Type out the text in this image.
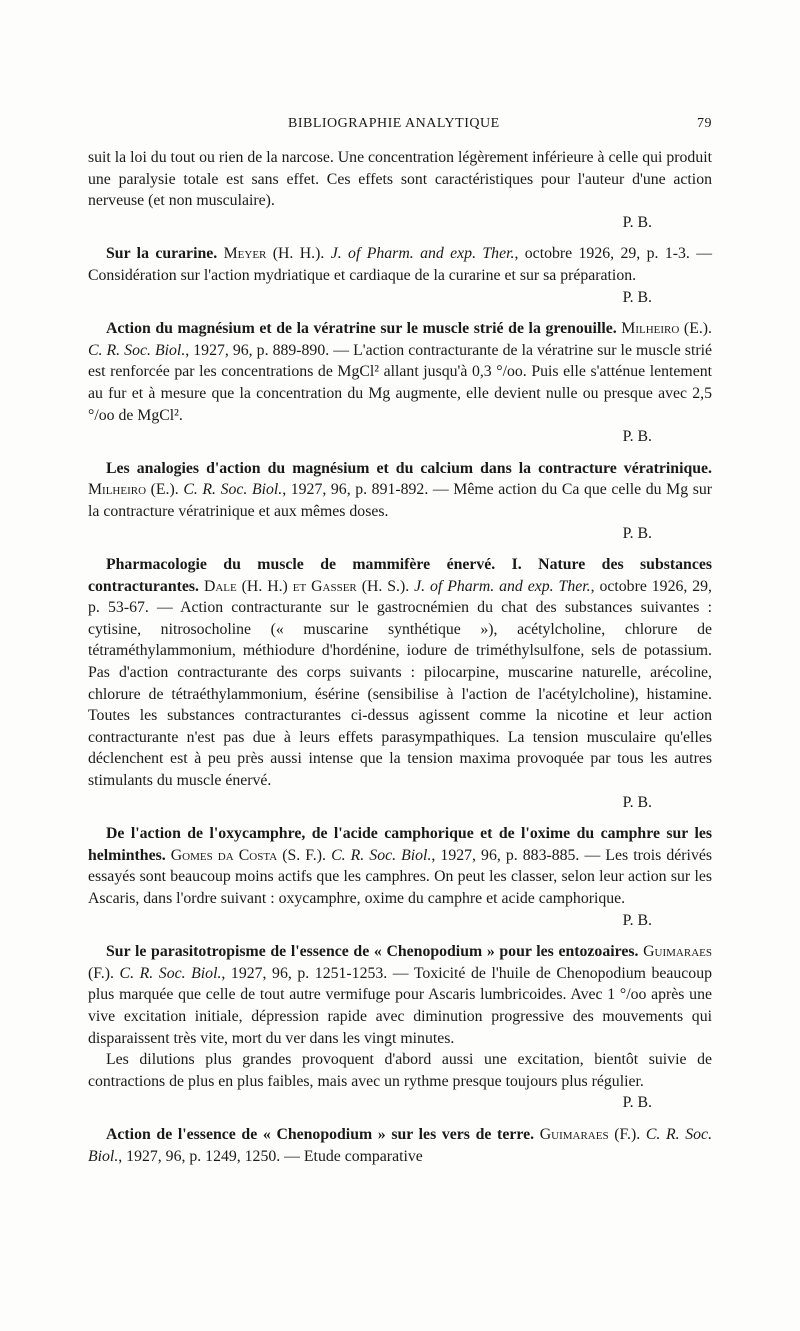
BIBLIOGRAPHIE ANALYTIQUE	79

suit la loi du tout ou rien de la narcose. Une concentration légèrement inférieure à celle qui produit une paralysie totale est sans effet. Ces effets sont caractéristiques pour l'auteur d'une action nerveuse (et non musculaire).
P. B.

Sur la curarine. Meyer (H. H.). J. of Pharm. and exp. Ther., octobre 1926, 29, p. 1-3. — Considération sur l'action mydriatique et cardiaque de la curarine et sur sa préparation.
P. B.

Action du magnésium et de la vératrine sur le muscle strié de la grenouille. Milheiro (E.). C. R. Soc. Biol., 1927, 96, p. 889-890. — L'action contracturante de la vératrine sur le muscle strié est renforcée par les concentrations de MgCl² allant jusqu'à 0,3 °/oo. Puis elle s'atténue lentement au fur et à mesure que la concentration du Mg augmente, elle devient nulle ou presque avec 2,5 °/oo de MgCl².
P. B.

Les analogies d'action du magnésium et du calcium dans la contracture vératrinique. Milheiro (E.). C. R. Soc. Biol., 1927, 96, p. 891-892. — Même action du Ca que celle du Mg sur la contracture vératrinique et aux mêmes doses.
P. B.

Pharmacologie du muscle de mammifère énervé. I. Nature des substances contracturantes. Dale (H. H.) et Gasser (H. S.). J. of Pharm. and exp. Ther., octobre 1926, 29, p. 53-67. — Action contracturante sur le gastrocnémien du chat des substances suivantes : cytisine, nitrosocholine (« muscarine synthétique »), acétylcholine, chlorure de tétraméthylammonium, méthiodure d'hordénine, iodure de triméthylsulfone, sels de potassium. Pas d'action contracturante des corps suivants : pilocarpine, muscarine naturelle, arécoline, chlorure de tétraéthylammonium, ésérine (sensibilise à l'action de l'acétylcholine), histamine. Toutes les substances contracturantes ci-dessus agissent comme la nicotine et leur action contracturante n'est pas due à leurs effets parasympathiques. La tension musculaire qu'elles déclenchent est à peu près aussi intense que la tension maxima provoquée par tous les autres stimulants du muscle énervé.
P. B.

De l'action de l'oxycamphre, de l'acide camphorique et de l'oxime du camphre sur les helminthes. Gomes da Costa (S. F.). C. R. Soc. Biol., 1927, 96, p. 883-885. — Les trois dérivés essayés sont beaucoup moins actifs que les camphres. On peut les classer, selon leur action sur les Ascaris, dans l'ordre suivant : oxycamphre, oxime du camphre et acide camphorique.
P. B.

Sur le parasitotropisme de l'essence de « Chenopodium » pour les entozoaires. Guimaraes (F.). C. R. Soc. Biol., 1927, 96, p. 1251-1253. — Toxicité de l'huile de Chenopodium beaucoup plus marquée que celle de tout autre vermifuge pour Ascaris lumbricoides. Avec 1 °/oo après une vive excitation initiale, dépression rapide avec diminution progressive des mouvements qui disparaissent très vite, mort du ver dans les vingt minutes.

Les dilutions plus grandes provoquent d'abord aussi une excitation, bientôt suivie de contractions de plus en plus faibles, mais avec un rythme presque toujours plus régulier.
P. B.

Action de l'essence de « Chenopodium » sur les vers de terre. Guimaraes (F.). C. R. Soc. Biol., 1927, 96, p. 1249, 1250. — Etude comparative
